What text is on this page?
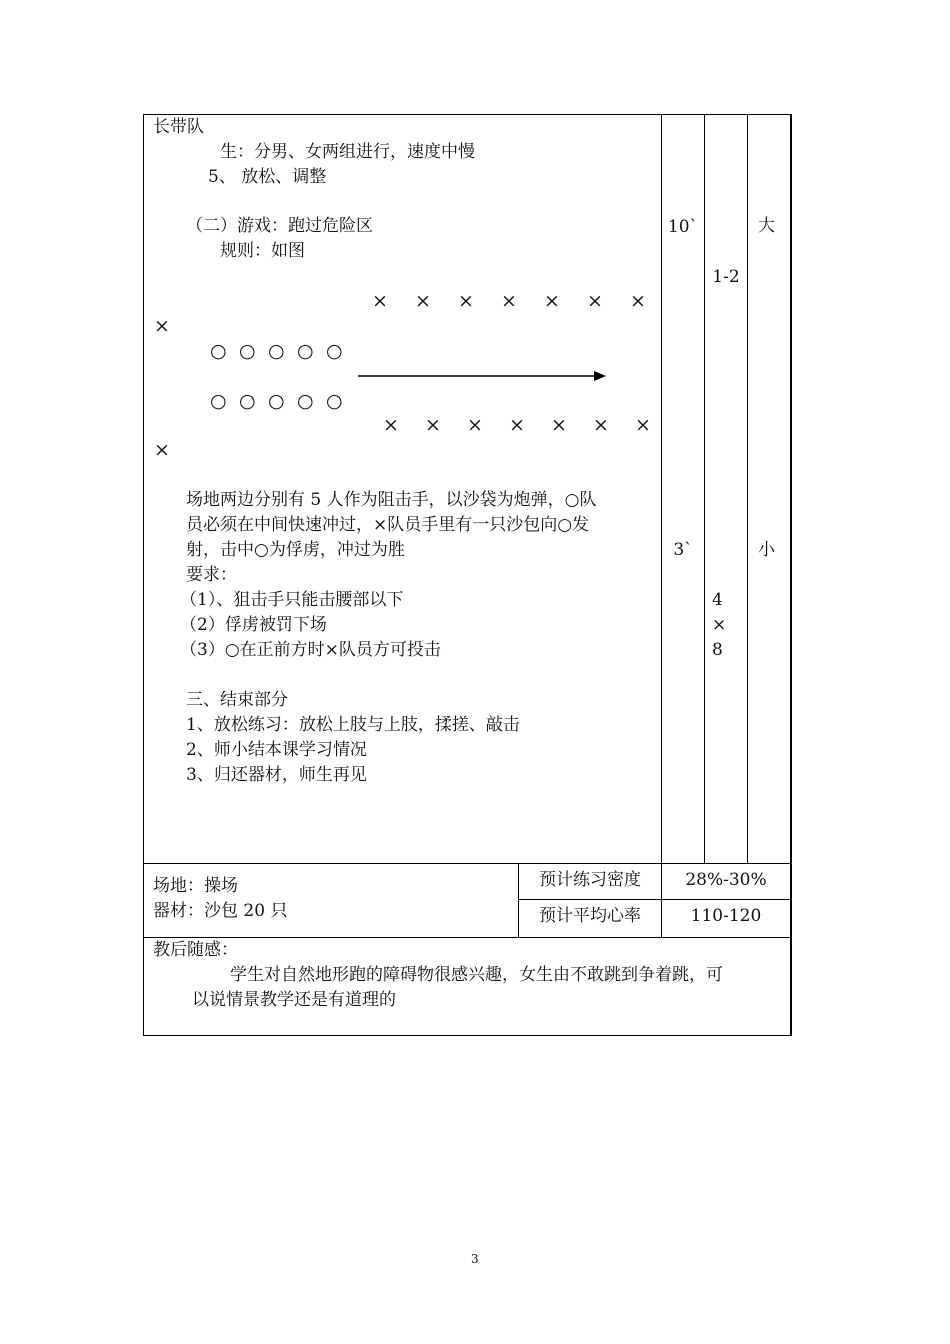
长带队
生：分男、女两组进行，速度中慢
5、 放松、调整
（二）游戏：跑过危险区
规则：如图
× × × × × × ×
×
○ ○ ○ ○ ○
○ ○ ○ ○ ○
× × × × × × ×
×
场地两边分别有 5 人作为阻击手，以沙袋为炮弹，○队
员必须在中间快速冲过，×队员手里有一只沙包向○发
射，击中○为俘虏，冲过为胜
要求：
（1）、狙击手只能击腰部以下
（2）俘虏被罚下场
（3）○在正前方时×队员方可投击
三、结束部分
1、放松练习：放松上肢与上肢，揉搓、敲击
2、师小结本课学习情况
3、归还器材，师生再见
10`
3`
1-2
4
×
8
大
小
场地：操场
器材：沙包 20 只
预计练习密度	28%-30%
预计平均心率	110-120
教后随感：
学生对自然地形跑的障碍物很感兴趣，女生由不敢跳到争着跳，可
以说情景教学还是有道理的
3
